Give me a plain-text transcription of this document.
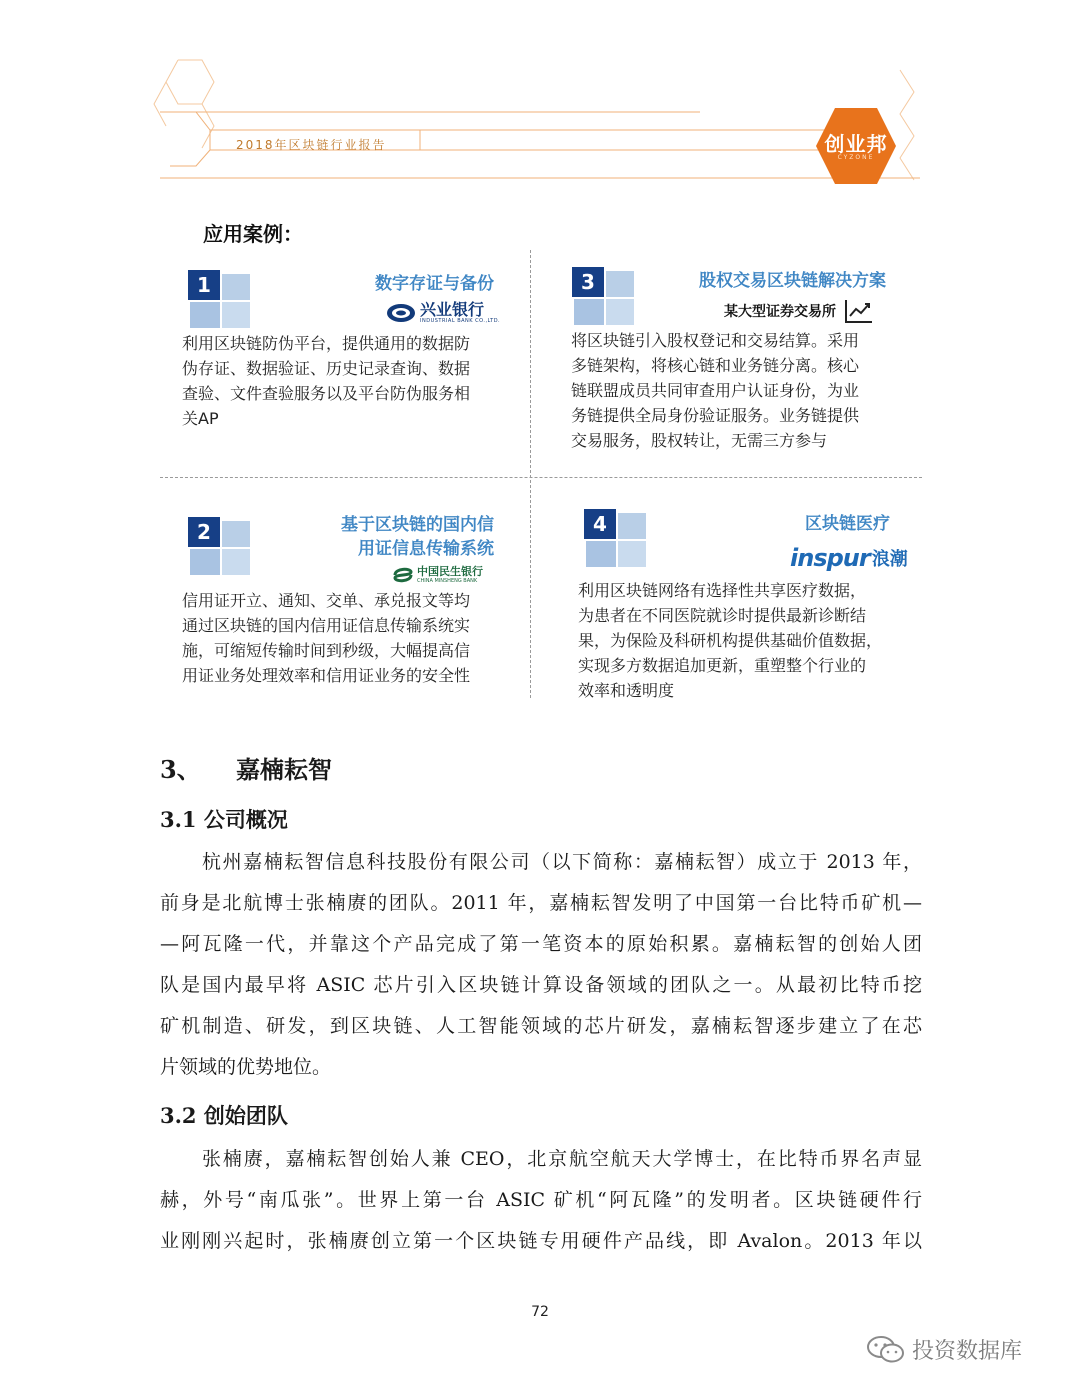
2018年区块链行业报告	创业邦
CYZONE
应用案例：
1	数字存证与备份
兴业银行
INDUSTRIAL BANK CO.,LTD.
利用区块链防伪平台，提供通用的数据防
伪存证、数据验证、历史记录查询、数据
查验、文件查验服务以及平台防伪服务相
关AP
3	股权交易区块链解决方案
某大型证券交易所
将区块链引入股权登记和交易结算。采用
多链架构，将核心链和业务链分离。核心
链联盟成员共同审查用户认证身份，为业
务链提供全局身份验证服务。业务链提供
交易服务，股权转让，无需三方参与
2	基于区块链的国内信
用证信息传输系统
中国民生银行
CHINA MINSHENG BANK
信用证开立、通知、交单、承兑报文等均
通过区块链的国内信用证信息传输系统实
施，可缩短传输时间到秒级，大幅提高信
用证业务处理效率和信用证业务的安全性
4	区块链医疗
inspur 浪潮
利用区块链网络有选择性共享医疗数据，
为患者在不同医院就诊时提供最新诊断结
果，为保险及科研机构提供基础价值数据，
实现多方数据追加更新，重塑整个行业的
效率和透明度
3、 嘉楠耘智
3.1 公司概况
杭州嘉楠耘智信息科技股份有限公司（以下简称：嘉楠耘智）成立于 2013 年，
前身是北航博士张楠赓的团队。2011 年，嘉楠耘智发明了中国第一台比特币矿机—
—阿瓦隆一代，并靠这个产品完成了第一笔资本的原始积累。嘉楠耘智的创始人团
队是国内最早将 ASIC 芯片引入区块链计算设备领域的团队之一。从最初比特币挖
矿机制造、研发，到区块链、人工智能领域的芯片研发，嘉楠耘智逐步建立了在芯
片领域的优势地位。
3.2 创始团队
张楠赓，嘉楠耘智创始人兼 CEO，北京航空航天大学博士，在比特币界名声显
赫，外号“南瓜张”。世界上第一台 ASIC 矿机“阿瓦隆”的发明者。区块链硬件行
业刚刚兴起时，张楠赓创立第一个区块链专用硬件产品线，即 Avalon。2013 年以
72
投资数据库
